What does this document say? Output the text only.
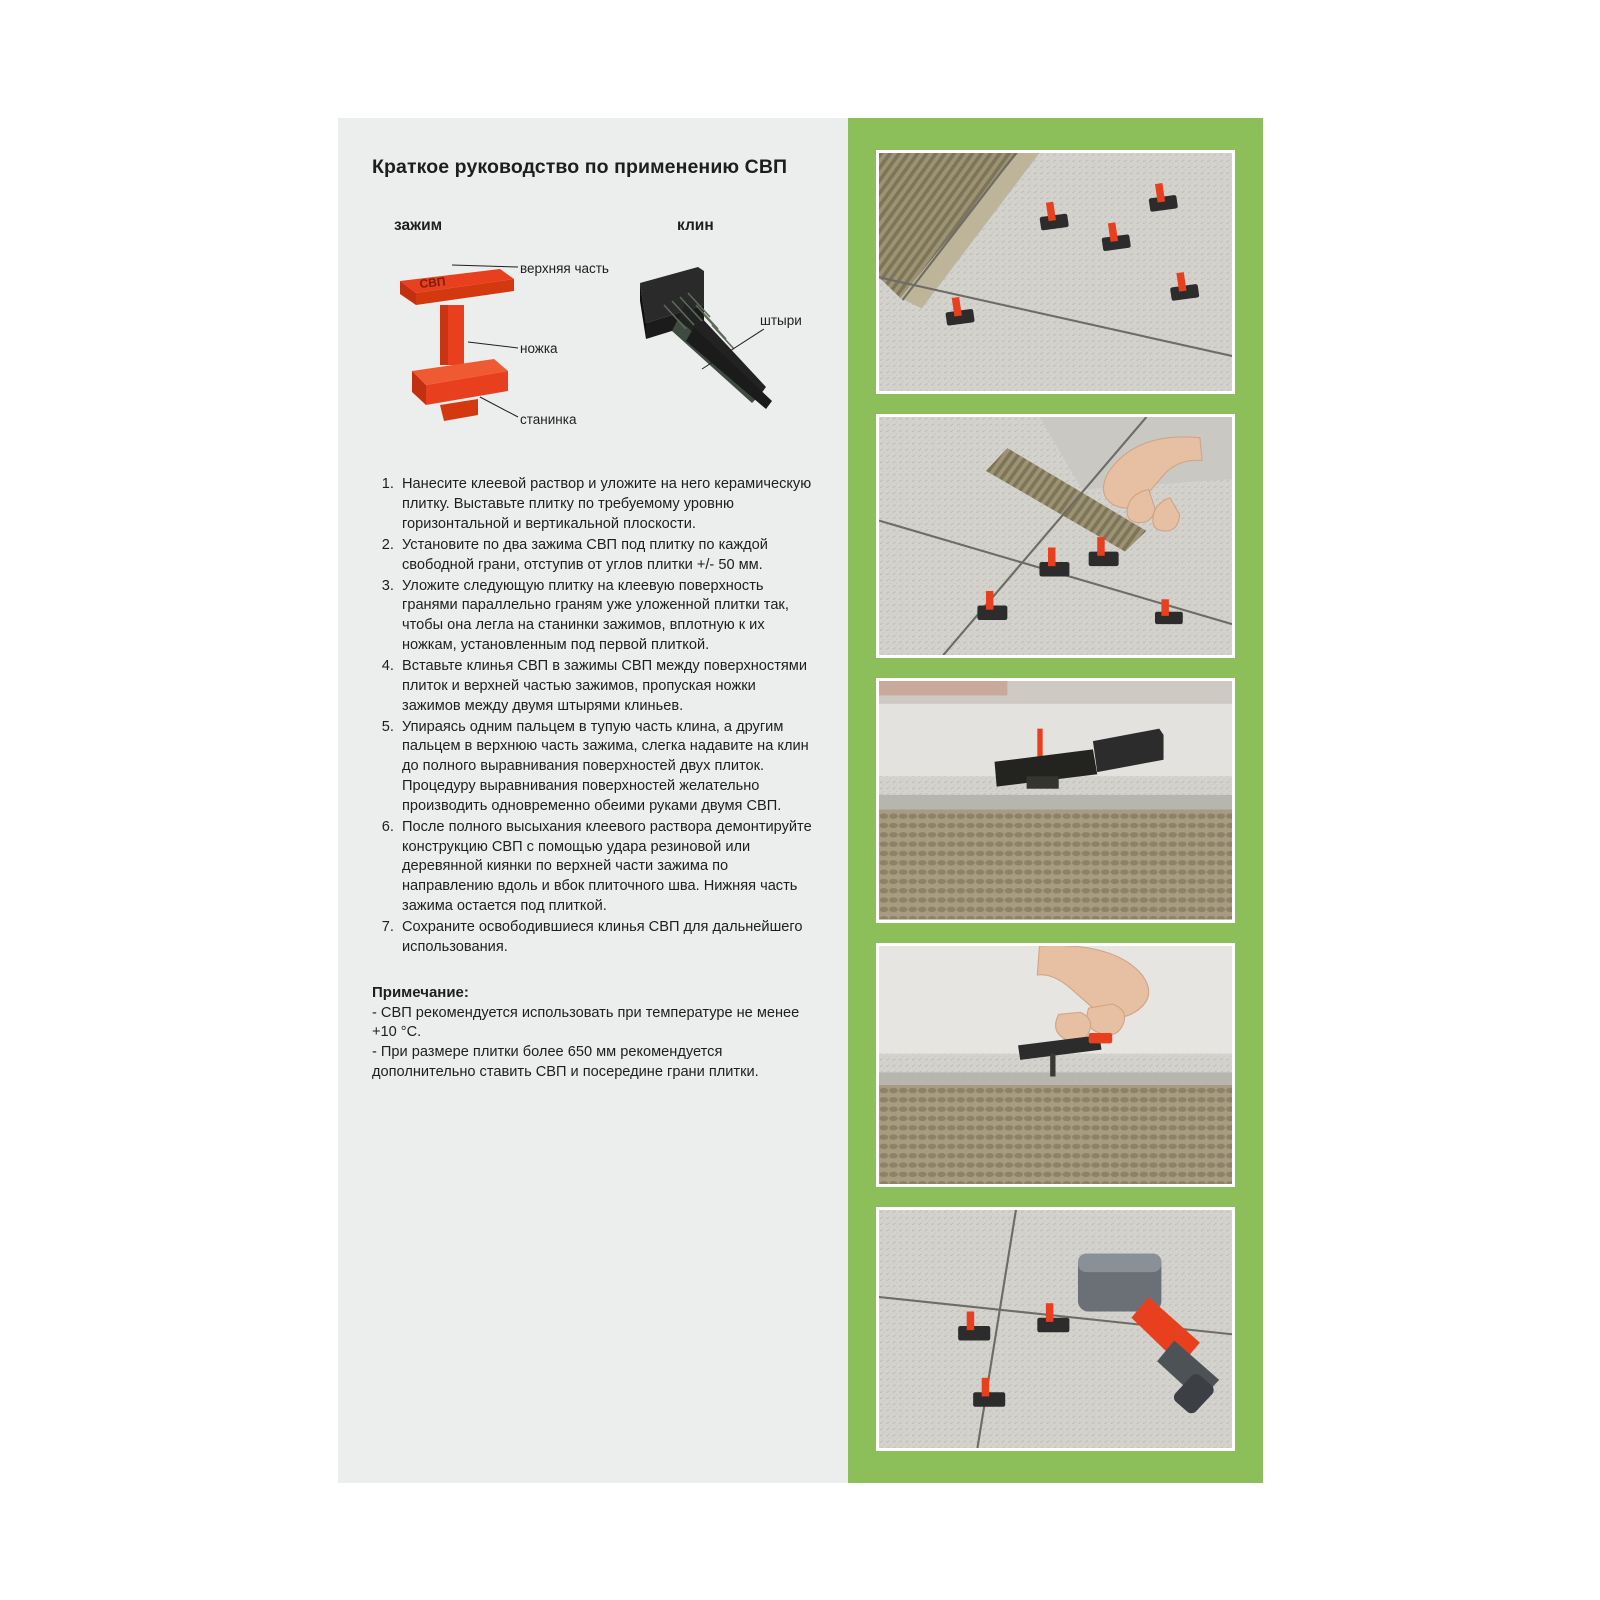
Краткое руководство по применению СВП
зажим	клин
СВП
верхняя часть
ножка
станинка
штыри
1. Нанесите клеевой раствор и уложите на него керамическую плитку. Выставьте плитку по требуемому уровню горизонтальной и вертикальной плоскости.
2. Установите по два зажима СВП под плитку по каждой свободной грани, отступив от углов плитки +/- 50 мм.
3. Уложите следующую плитку на клеевую поверхность гранями параллельно граням уже уложенной плитки так, чтобы она легла на станинки зажимов, вплотную к их ножкам, установленным под первой плиткой.
4. Вставьте клинья СВП в зажимы СВП между поверхностями плиток и верхней частью зажимов, пропуская ножки зажимов между двумя штырями клиньев.
5. Упираясь одним пальцем в тупую часть клина, а другим пальцем в верхнюю часть зажима, слегка надавите на клин до полного выравнивания поверхностей двух плиток. Процедуру выравнивания поверхностей желательно производить одновременно обеими руками двумя СВП.
6. После полного высыхания клеевого раствора демонтируйте конструкцию СВП с помощью удара резиновой или деревянной киянки по верхней части зажима по направлению вдоль и вбок плиточного шва. Нижняя часть зажима остается под плиткой.
7. Сохраните освободившиеся клинья СВП для дальнейшего использования.
Примечание:
- СВП рекомендуется использовать при температуре не менее +10 °С.
- При размере плитки более 650 мм рекомендуется дополнительно ставить СВП и посередине грани плитки.
